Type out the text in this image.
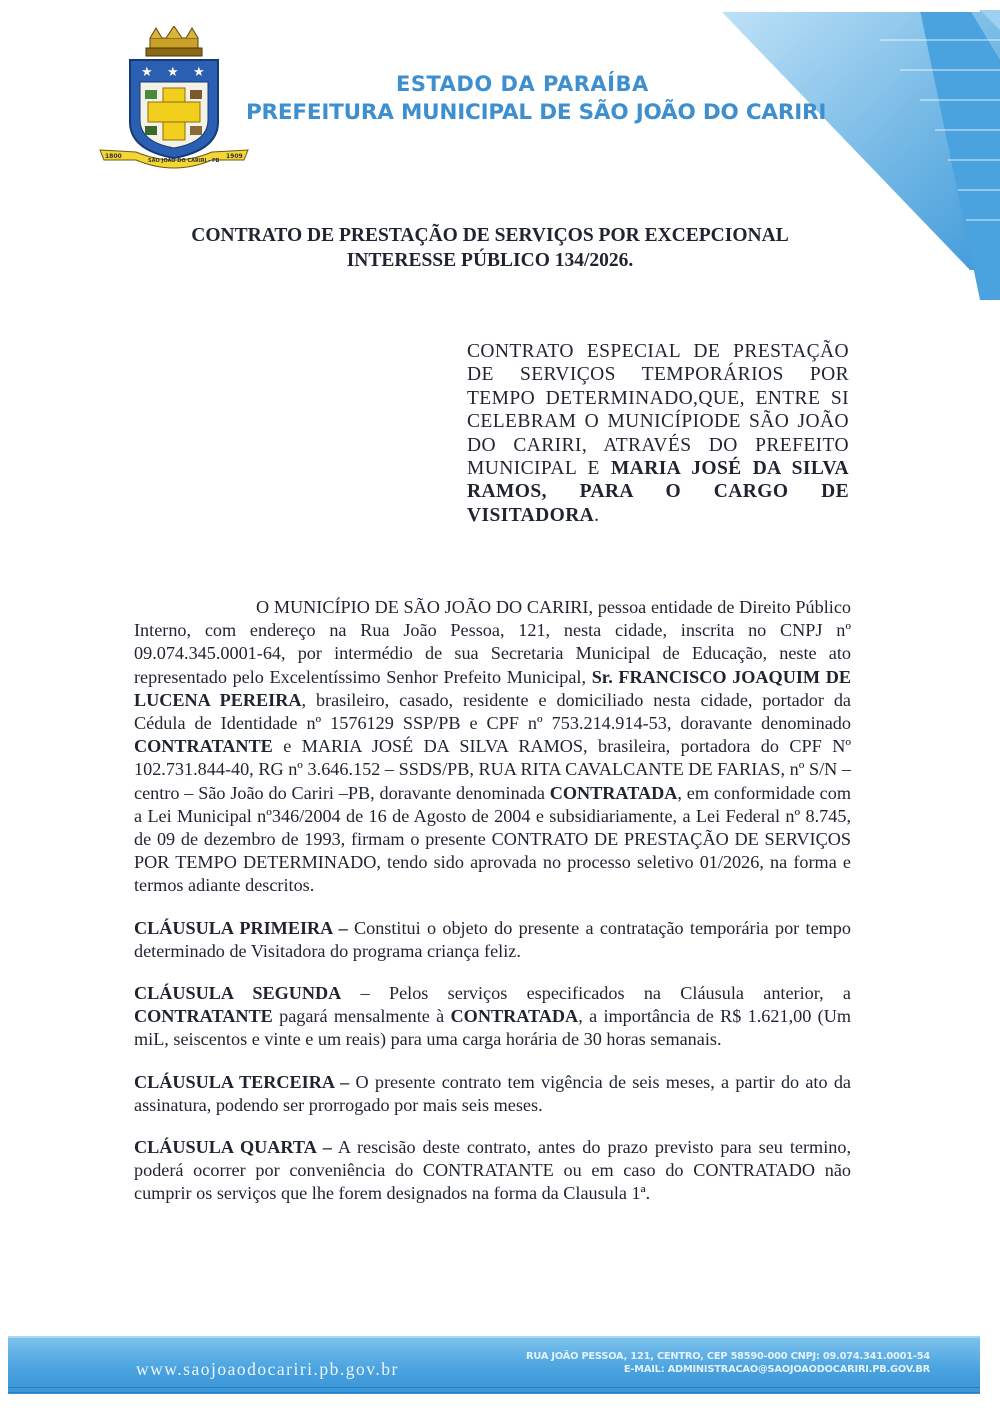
★ ★ ★
1800
SÃO JOÃO DO CARIRI - PB
1909

ESTADO DA PARAÍBA

PREFEITURA MUNICIPAL DE SÃO JOÃO DO CARIRI

CONTRATO DE PRESTAÇÃO DE SERVIÇOS POR EXCEPCIONAL
INTERESSE PÚBLICO 134/2026.

CONTRATO ESPECIAL DE PRESTAÇÃO DE SERVIÇOS TEMPORÁRIOS POR TEMPO DETERMINADO,QUE, ENTRE SI CELEBRAM O MUNICÍPIODE SÃO JOÃO DO CARIRI, ATRAVÉS DO PREFEITO MUNICIPAL E MARIA JOSÉ DA SILVA RAMOS, PARA O CARGO DE
VISITADORA.

O MUNICÍPIO DE SÃO JOÃO DO CARIRI, pessoa entidade de Direito Público Interno, com endereço na Rua João Pessoa, 121, nesta cidade, inscrita no CNPJ nº 09.074.345.0001-64, por intermédio de sua Secretaria Municipal de Educação, neste ato representado pelo Excelentíssimo Senhor Prefeito Municipal, Sr. FRANCISCO JOAQUIM DE LUCENA PEREIRA, brasileiro, casado, residente e domiciliado nesta cidade, portador da Cédula de Identidade nº 1576129 SSP/PB e CPF nº 753.214.914-53, doravante denominado CONTRATANTE e MARIA JOSÉ DA SILVA RAMOS, brasileira, portadora do CPF Nº 102.731.844-40, RG nº 3.646.152 – SSDS/PB, RUA RITA CAVALCANTE DE FARIAS, nº S/N – centro – São João do Cariri –PB, doravante denominada CONTRATADA, em conformidade com a Lei Municipal nº346/2004 de 16 de Agosto de 2004 e subsidiariamente, a Lei Federal nº 8.745, de 09 de dezembro de 1993, firmam o presente CONTRATO DE PRESTAÇÃO DE SERVIÇOS POR TEMPO DETERMINADO, tendo sido aprovada no processo seletivo 01/2026, na forma e termos adiante descritos.

CLÁUSULA PRIMEIRA – Constitui o objeto do presente a contratação temporária por tempo determinado de Visitadora do programa criança feliz.

CLÁUSULA SEGUNDA – Pelos serviços especificados na Cláusula anterior, a CONTRATANTE pagará mensalmente à CONTRATADA, a importância de R$ 1.621,00 (Um miL, seiscentos e vinte e um reais) para uma carga horária de 30 horas semanais.

CLÁUSULA TERCEIRA – O presente contrato tem vigência de seis meses, a partir do ato da assinatura, podendo ser prorrogado por mais seis meses.

CLÁUSULA QUARTA – A rescisão deste contrato, antes do prazo previsto para seu termino, poderá ocorrer por conveniência do CONTRATANTE ou em caso do CONTRATADO não cumprir os serviços que lhe forem designados na forma da Clausula 1ª.

www.saojoaodocariri.pb.gov.br

RUA JOÃO PESSOA, 121, CENTRO, CEP 58590-000 CNPJ: 09.074.341.0001-54
E-MAIL: ADMINISTRACAO@SAOJOAODOCARIRI.PB.GOV.BR
